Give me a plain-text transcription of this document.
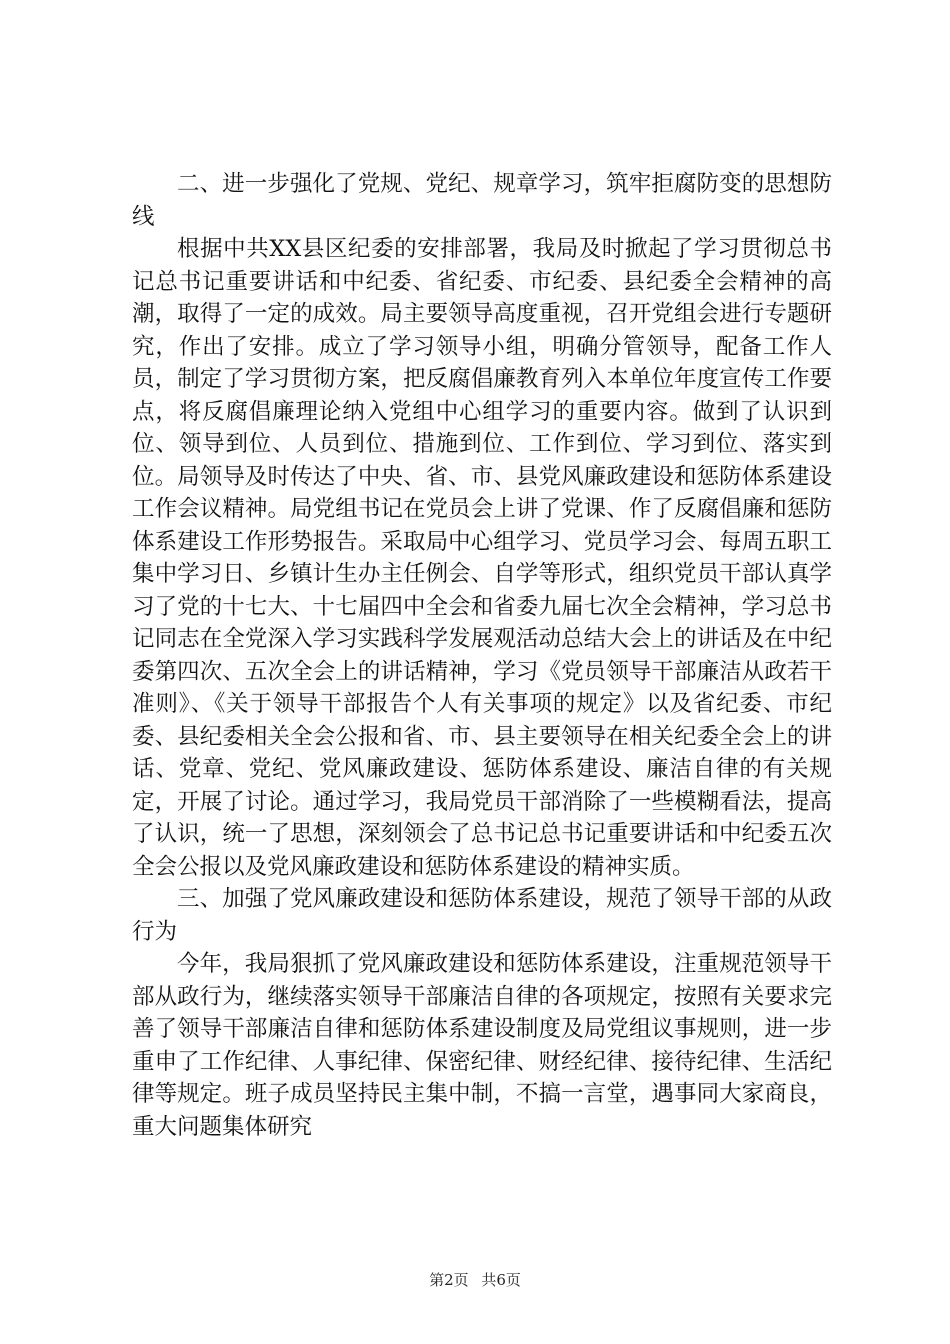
二、进一步强化了党规、党纪、规章学习，筑牢拒腐防变的思想防线

根据中共XX县区纪委的安排部署，我局及时掀起了学习贯彻总书记总书记重要讲话和中纪委、省纪委、市纪委、县纪委全会精神的高潮，取得了一定的成效。局主要领导高度重视，召开党组会进行专题研究，作出了安排。成立了学习领导小组，明确分管领导，配备工作人员，制定了学习贯彻方案，把反腐倡廉教育列入本单位年度宣传工作要点，将反腐倡廉理论纳入党组中心组学习的重要内容。做到了认识到位、领导到位、人员到位、措施到位、工作到位、学习到位、落实到位。局领导及时传达了中央、省、市、县党风廉政建设和惩防体系建设工作会议精神。局党组书记在党员会上讲了党课、作了反腐倡廉和惩防体系建设工作形势报告。采取局中心组学习、党员学习会、每周五职工集中学习日、乡镇计生办主任例会、自学等形式，组织党员干部认真学习了党的十七大、十七届四中全会和省委九届七次全会精神，学习总书记同志在全党深入学习实践科学发展观活动总结大会上的讲话及在中纪委第四次、五次全会上的讲话精神，学习《党员领导干部廉洁从政若干准则》、《关于领导干部报告个人有关事项的规定》以及省纪委、市纪委、县纪委相关全会公报和省、市、县主要领导在相关纪委全会上的讲话、党章、党纪、党风廉政建设、惩防体系建设、廉洁自律的有关规定，开展了讨论。通过学习，我局党员干部消除了一些模糊看法，提高了认识，统一了思想，深刻领会了总书记总书记重要讲话和中纪委五次全会公报以及党风廉政建设和惩防体系建设的精神实质。

三、加强了党风廉政建设和惩防体系建设，规范了领导干部的从政行为

今年，我局狠抓了党风廉政建设和惩防体系建设，注重规范领导干部从政行为，继续落实领导干部廉洁自律的各项规定，按照有关要求完善了领导干部廉洁自律和惩防体系建设制度及局党组议事规则，进一步重申了工作纪律、人事纪律、保密纪律、财经纪律、接待纪律、生活纪律等规定。班子成员坚持民主集中制，不搞一言堂，遇事同大家商良，重大问题集体研究

第2页 共6页
